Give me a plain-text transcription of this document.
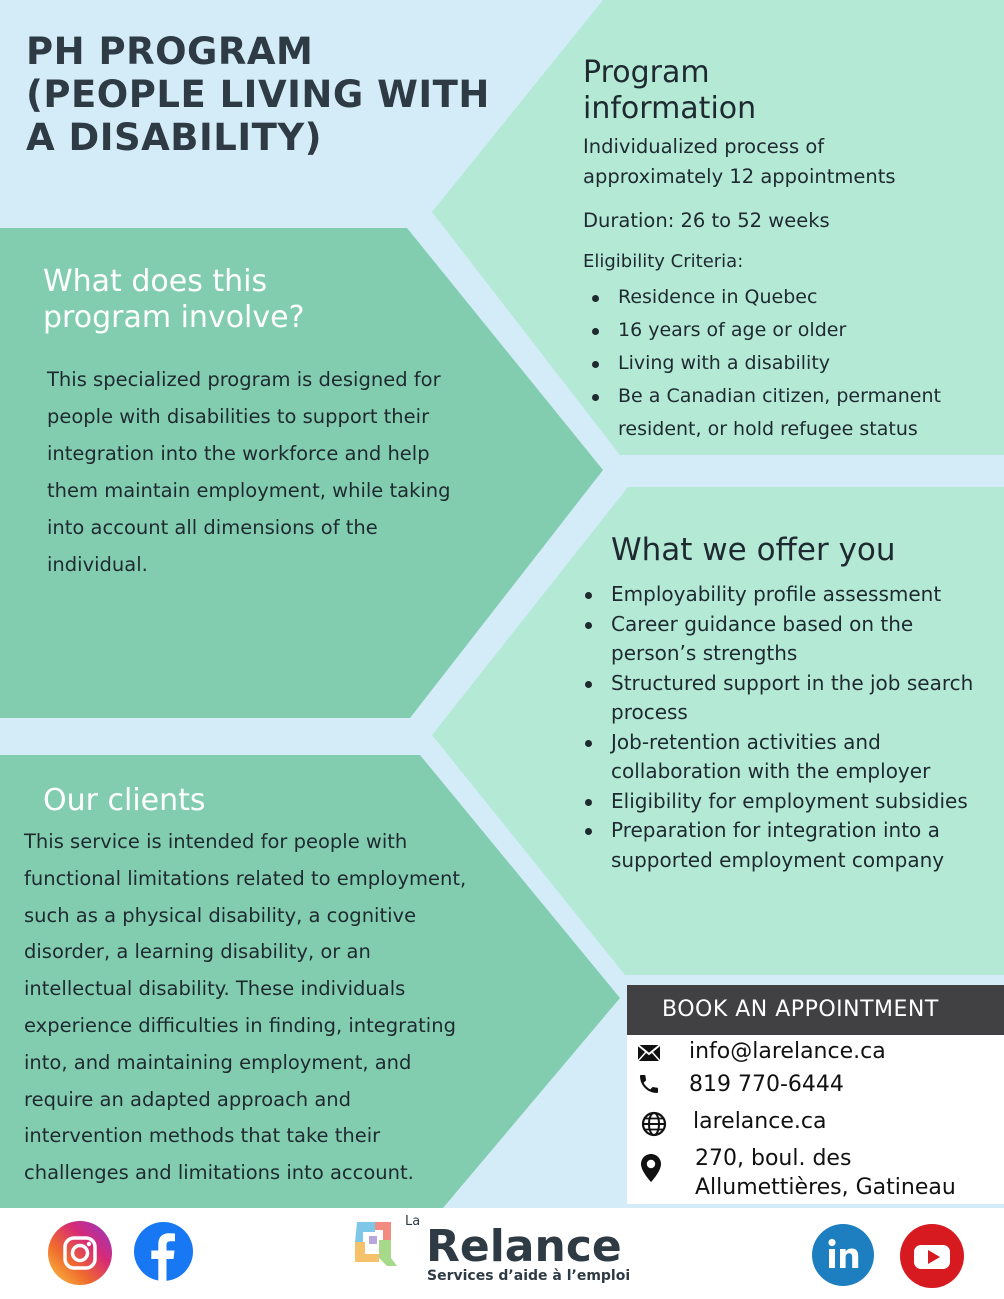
PH PROGRAM
(PEOPLE LIVING WITH
A DISABILITY)
Program
information
Individualized process of
approximately 12 appointments
Duration: 26 to 52 weeks
Eligibility Criteria:
Residence in Quebec
16 years of age or older
Living with a disability
Be a Canadian citizen, permanent
resident, or hold refugee status
What does this
program involve?
This specialized program is designed for
people with disabilities to support their
integration into the workforce and help
them maintain employment, while taking
into account all dimensions of the
individual.	What we offer you
Employability profile assessment
Career guidance based on the
person’s strengths
Structured support in the job search
process
Job-retention activities and
collaboration with the employer
Eligibility for employment subsidies
Preparation for integration into a
supported employment company
Our clients
This service is intended for people with
functional limitations related to employment,
such as a physical disability, a cognitive
disorder, a learning disability, or an
intellectual disability. These individuals
experience difficulties in finding, integrating
into, and maintaining employment, and
require an adapted approach and
intervention methods that take their
challenges and limitations into account.
BOOK AN APPOINTMENT
info@larelance.ca
819 770-6444
larelance.ca
270, boul. des
Allumettières, Gatineau
La Relance
Services d’aide à l’emploi
